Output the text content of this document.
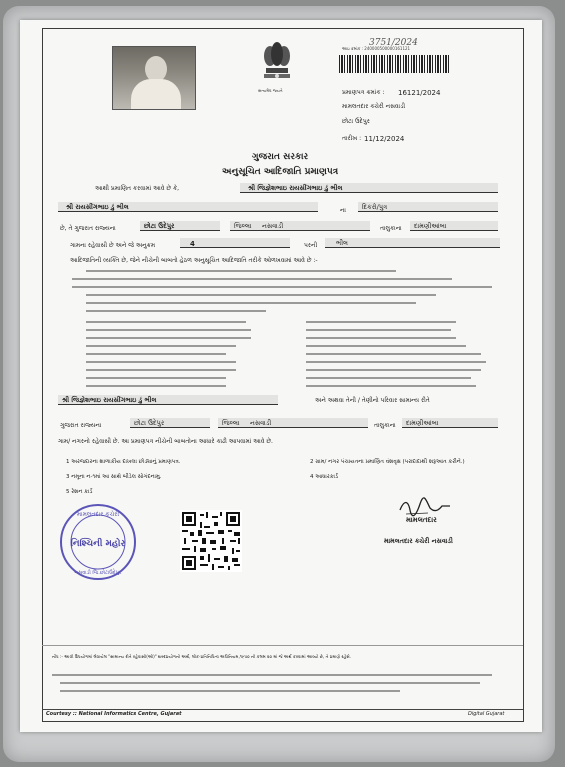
3751/2024
આઇ ક્રમાંક : 240000500000161121
સત્યમેવ જયતે	પ્રમાણપત્ર ક્રમાંક : 16121/2024
મામલતદાર ક્ચેરી નસવાડી
છોટા ઉદેપુર
તારીખ : 11/12/2024
ગુજરાત સરકાર
અનુસૂચિત આદિજાતિ પ્રમાણપત્ર
આથી પ્રમાણિત કરવામાં આવે છે કે,	શ્રી જિજ્ઞેશભાઇ રાયસીંગભાઇ ડું ભીલ
શ્રી રાયસીંગભાઇ ડું ભીલ	ના દિકરો/પુત્ર
છે, તે ગુજરાત રાજ્યના	છોટા ઉદેપુર	જિલ્લા નસવાડી	તાલુકાના દામણીઆંબા
ગામના રહેવાસી છે અને જે અનુક્રમ	4	પરની	ભીલ
આદિજાતિની વ્યક્તિ છે, જેને નીચેની બાબતો હેઠળ અનુસૂચિત આદિજાતિ તરીકે ઓળખવામાં આવે છે :-
શ્રી જિજ્ઞેશભાઇ રાયસીંગભાઇ ડું ભીલ	અને અથવા તેની / તેણીનો પરિવાર સામાન્ય રીતે
ગુજરાત રાજ્યના	છોટા ઉદેપુર	જિલ્લા નસવાડી	તાલુકાના દામણીઆંબા
ગામ/ નગરનો રહેવાસી છે. આ પ્રમાણપત્ર નીચેની બાબતોના આધારે કાઢી આપવામાં આવે છે.
1 અરજદારના શાળાકીય દાખલા છોડ્યાનું પ્રમાણપત્ર.	2 ગ્રામ/ નગર પંચાયતના પ્રમાણિત વંશવૃક્ષ (પરાદાદાથી શરૂઆત કરીને.)
3 નમૂના ન-૧માં આ સાથે બીડેલ સોગંદનામુ.	4 આધારકાર્ડ
5 રેશન કાર્ડ
મામલતદાર કચેરી
નિશ્ચિની મહોર
નસવાડી જિ.છોટાઉદેપુર
મામલતદાર
મામલતદાર ક્ચેરી નસવાડી
નોંધ :- આવી ઉપયોગમાં લેવાયેલ "સામાન્ય રીતે રહેવાસી(ઓ)" શબ્દપ્રયોગનો અર્થ, લોક-પ્રતિનિધિત્વ અધિનિયમ,૧૯૫૦ ની કલમ ૨૦ માં જે અર્થ કરવામાં આવ્યો છે, તે પ્રમાણે રહેશે.
Courtesy :: National Informatics Centre, Gujarat	Digital Gujarat
